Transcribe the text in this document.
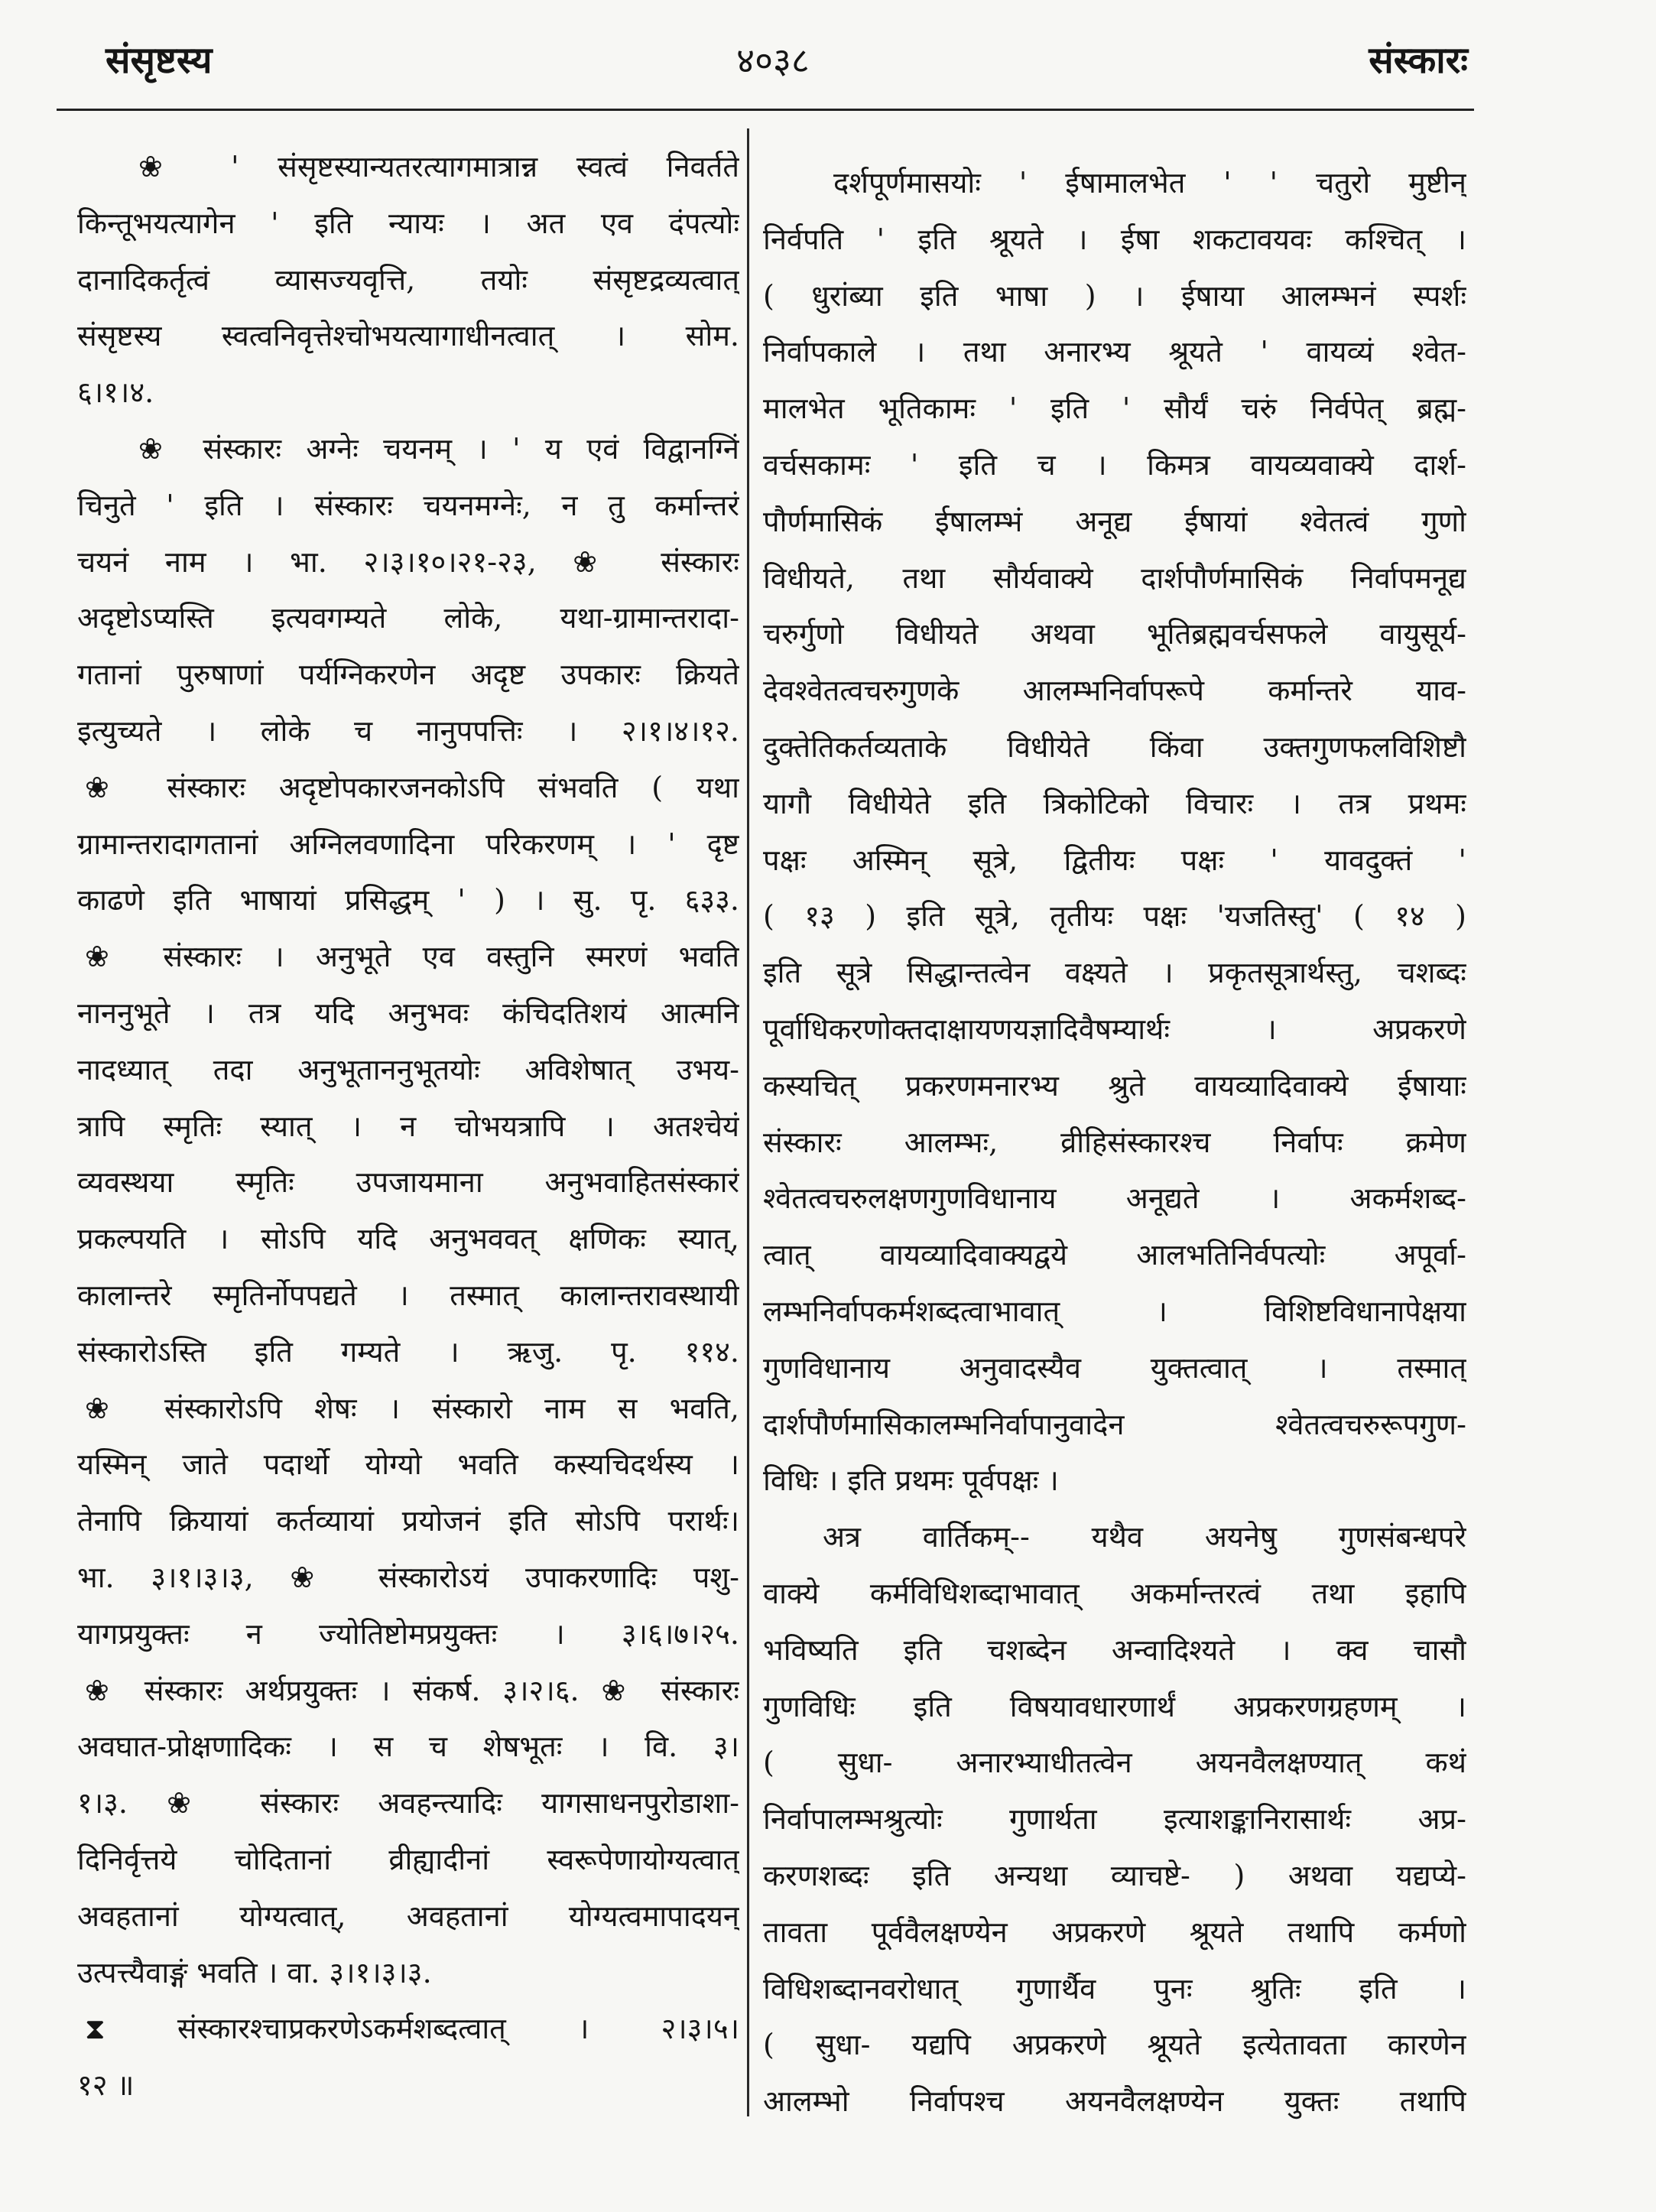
संसृष्टस्य	४०३८	संस्कारः
❀ ' संसृष्टस्यान्यतरत्यागमात्रान्न स्वत्वं निवर्तते
किन्तूभयत्यागेन ' इति न्यायः । अत एव दंपत्योः
दानादिकर्तृत्वं व्यासज्यवृत्ति, तयोः संसृष्टद्रव्यत्वात्
संसृष्टस्य स्वत्वनिवृत्तेश्चोभयत्यागाधीनत्वात् । सोम.
६।१।४.
❀ संस्कारः अग्नेः चयनम् । ' य एवं विद्वानग्निं
चिनुते ' इति । संस्कारः चयनमग्नेः, न तु कर्मान्तरं
चयनं नाम । भा. २।३।१०।२१-२३, ❀ संस्कारः
अदृष्टोऽप्यस्ति इत्यवगम्यते लोके, यथा-ग्रामान्तरादा-
गतानां पुरुषाणां पर्यग्निकरणेन अदृष्ट उपकारः क्रियते
इत्युच्यते । लोके च नानुपपत्तिः । २।१।४।१२.
❀ संस्कारः अदृष्टोपकारजनकोऽपि संभवति ( यथा
ग्रामान्तरादागतानां अग्निलवणादिना परिकरणम् । ' दृष्ट
काढणे इति भाषायां प्रसिद्धम् ' ) । सु. पृ. ६३३.
❀ संस्कारः । अनुभूते एव वस्तुनि स्मरणं भवति
नाननुभूते । तत्र यदि अनुभवः कंचिदतिशयं आत्मनि
नादध्यात् तदा अनुभूताननुभूतयोः अविशेषात् उभय-
त्रापि स्मृतिः स्यात् । न चोभयत्रापि । अतश्चेयं
व्यवस्थया स्मृतिः उपजायमाना अनुभवाहितसंस्कारं
प्रकल्पयति । सोऽपि यदि अनुभववत् क्षणिकः स्यात्,
कालान्तरे स्मृतिर्नोपपद्यते । तस्मात् कालान्तरावस्थायी
संस्कारोऽस्ति इति गम्यते । ऋजु. पृ. ११४.
❀ संस्कारोऽपि शेषः । संस्कारो नाम स भवति,
यस्मिन् जाते पदार्थो योग्यो भवति कस्यचिदर्थस्य ।
तेनापि क्रियायां कर्तव्यायां प्रयोजनं इति सोऽपि परार्थः।
भा. ३।१।३।३, ❀ संस्कारोऽयं उपाकरणादिः पशु-
यागप्रयुक्तः न ज्योतिष्टोमप्रयुक्तः । ३।६।७।२५.
❀ संस्कारः अर्थप्रयुक्तः । संकर्ष. ३।२।६. ❀ संस्कारः
अवघात-प्रोक्षणादिकः । स च शेषभूतः । वि. ३।
१।३. ❀ संस्कारः अवहन्त्यादिः यागसाधनपुरोडाशा-
दिनिर्वृत्तये चोदितानां व्रीह्यादीनां स्वरूपेणायोग्यत्वात्
अवहतानां योग्यत्वात्, अवहतानां योग्यत्वमापादयन्
उत्पत्त्यैवाङ्गं भवति । वा. ३।१।३।३.
⧗ संस्कारश्चाप्रकरणेऽकर्मशब्दत्वात् । २।३।५।
१२ ॥
दर्शपूर्णमासयोः ' ईषामालभेत ' ' चतुरो मुष्टीन्
निर्वपति ' इति श्रूयते । ईषा शकटावयवः कश्चित् ।
( धुरांब्या इति भाषा ) । ईषाया आलम्भनं स्पर्शः
निर्वापकाले । तथा अनारभ्य श्रूयते ' वायव्यं श्वेत-
मालभेत भूतिकामः ' इति ' सौर्यं चरुं निर्वपेत् ब्रह्म-
वर्चसकामः ' इति च । किमत्र वायव्यवाक्ये दार्श-
पौर्णमासिकं ईषालम्भं अनूद्य ईषायां श्वेतत्वं गुणो
विधीयते, तथा सौर्यवाक्ये दार्शपौर्णमासिकं निर्वापमनूद्य
चरुर्गुणो विधीयते अथवा भूतिब्रह्मवर्चसफले वायुसूर्य-
देवश्वेतत्वचरुगुणके आलम्भनिर्वापरूपे कर्मान्तरे याव-
दुक्तेतिकर्तव्यताके विधीयेते किंवा उक्तगुणफलविशिष्टौ
यागौ विधीयेते इति त्रिकोटिको विचारः । तत्र प्रथमः
पक्षः अस्मिन् सूत्रे, द्वितीयः पक्षः ' यावदुक्तं '
( १३ ) इति सूत्रे, तृतीयः पक्षः 'यजतिस्तु' ( १४ )
इति सूत्रे सिद्धान्तत्वेन वक्ष्यते । प्रकृतसूत्रार्थस्तु, चशब्दः
पूर्वाधिकरणोक्तदाक्षायणयज्ञादिवैषम्यार्थः । अप्रकरणे
कस्यचित् प्रकरणमनारभ्य श्रुते वायव्यादिवाक्ये ईषायाः
संस्कारः आलम्भः, व्रीहिसंस्कारश्च निर्वापः क्रमेण
श्वेतत्वचरुलक्षणगुणविधानाय अनूद्यते । अकर्मशब्द-
त्वात् वायव्यादिवाक्यद्वये आलभतिनिर्वपत्योः अपूर्वा-
लम्भनिर्वापकर्मशब्दत्वाभावात् । विशिष्टविधानापेक्षया
गुणविधानाय अनुवादस्यैव युक्तत्वात् । तस्मात्
दार्शपौर्णमासिकालम्भनिर्वापानुवादेन श्वेतत्वचरुरूपगुण-
विधिः । इति प्रथमः पूर्वपक्षः ।
अत्र वार्तिकम्-- यथैव अयनेषु गुणसंबन्धपरे
वाक्ये कर्मविधिशब्दाभावात् अकर्मान्तरत्वं तथा इहापि
भविष्यति इति चशब्देन अन्वादिश्यते । क्व चासौ
गुणविधिः इति विषयावधारणार्थं अप्रकरणग्रहणम् ।
( सुधा- अनारभ्याधीतत्वेन अयनवैलक्षण्यात् कथं
निर्वापालम्भश्रुत्योः गुणार्थता इत्याशङ्कानिरासार्थः अप्र-
करणशब्दः इति अन्यथा व्याचष्टे- ) अथवा यद्यप्ये-
तावता पूर्ववैलक्षण्येन अप्रकरणे श्रूयते तथापि कर्मणो
विधिशब्दानवरोधात् गुणार्थैव पुनः श्रुतिः इति ।
( सुधा- यद्यपि अप्रकरणे श्रूयते इत्येतावता कारणेन
आलम्भो निर्वापश्च अयनवैलक्षण्येन युक्तः तथापि
